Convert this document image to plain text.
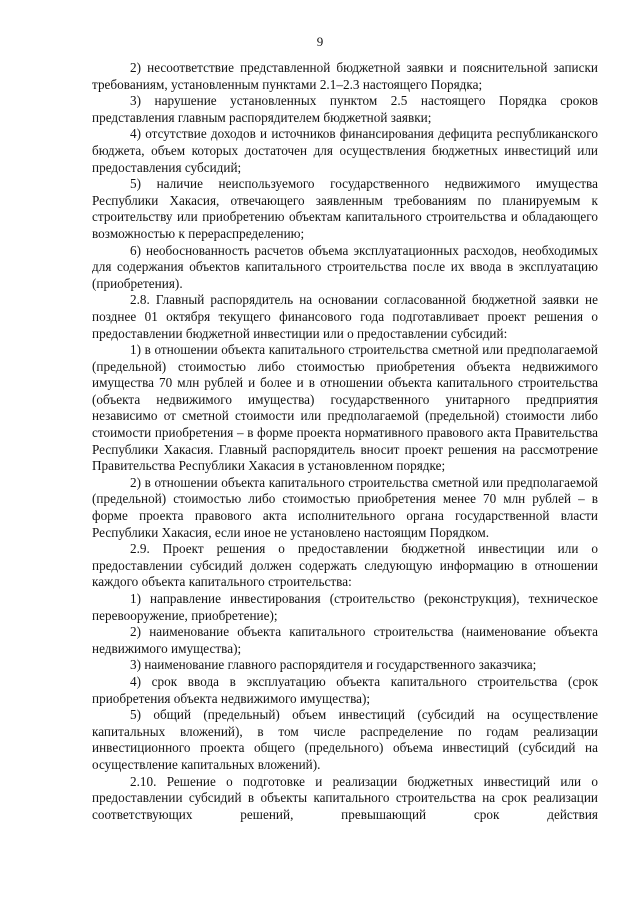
9

2) несоответствие представленной бюджетной заявки и пояснительной записки требованиям, установленным пунктами 2.1–2.3 настоящего Порядка;

3) нарушение установленных пунктом 2.5 настоящего Порядка сроков представления главным распорядителем бюджетной заявки;

4) отсутствие доходов и источников финансирования дефицита республиканского бюджета, объем которых достаточен для осуществления бюджетных инвестиций или предоставления субсидий;

5) наличие неиспользуемого государственного недвижимого имущества Республики Хакасия, отвечающего заявленным требованиям по планируемым к строительству или приобретению объектам капитального строительства и обладающего возможностью к перераспределению;

6) необоснованность расчетов объема эксплуатационных расходов, необходимых для содержания объектов капитального строительства после их ввода в эксплуатацию (приобретения).

2.8. Главный распорядитель на основании согласованной бюджетной заявки не позднее 01 октября текущего финансового года подготавливает проект решения о предоставлении бюджетной инвестиции или о предоставлении субсидий:

1) в отношении объекта капитального строительства сметной или предполагаемой (предельной) стоимостью либо стоимостью приобретения объекта недвижимого имущества 70 млн рублей и более и в отношении объекта капитального строительства (объекта недвижимого имущества) государственного унитарного предприятия независимо от сметной стоимости или предполагаемой (предельной) стоимости либо стоимости приобретения – в форме проекта нормативного правового акта Правительства Республики Хакасия. Главный распорядитель вносит проект решения на рассмотрение Правительства Республики Хакасия в установленном порядке;

2) в отношении объекта капитального строительства сметной или предполагаемой (предельной) стоимостью либо стоимостью приобретения менее 70 млн рублей – в форме проекта правового акта исполнительного органа государственной власти Республики Хакасия, если иное не установлено настоящим Порядком.

2.9. Проект решения о предоставлении бюджетной инвестиции или о предоставлении субсидий должен содержать следующую информацию в отношении каждого объекта капитального строительства:

1) направление инвестирования (строительство (реконструкция), техническое перевооружение, приобретение);

2) наименование объекта капитального строительства (наименование объекта недвижимого имущества);

3) наименование главного распорядителя и государственного заказчика;

4) срок ввода в эксплуатацию объекта капитального строительства (срок приобретения объекта недвижимого имущества);

5) общий (предельный) объем инвестиций (субсидий на осуществление капитальных вложений), в том числе распределение по годам реализации инвестиционного проекта общего (предельного) объема инвестиций (субсидий на осуществление капитальных вложений).

2.10. Решение о подготовке и реализации бюджетных инвестиций или о предоставлении субсидий в объекты капитального строительства на срок реализации соответствующих решений, превышающий срок действия
